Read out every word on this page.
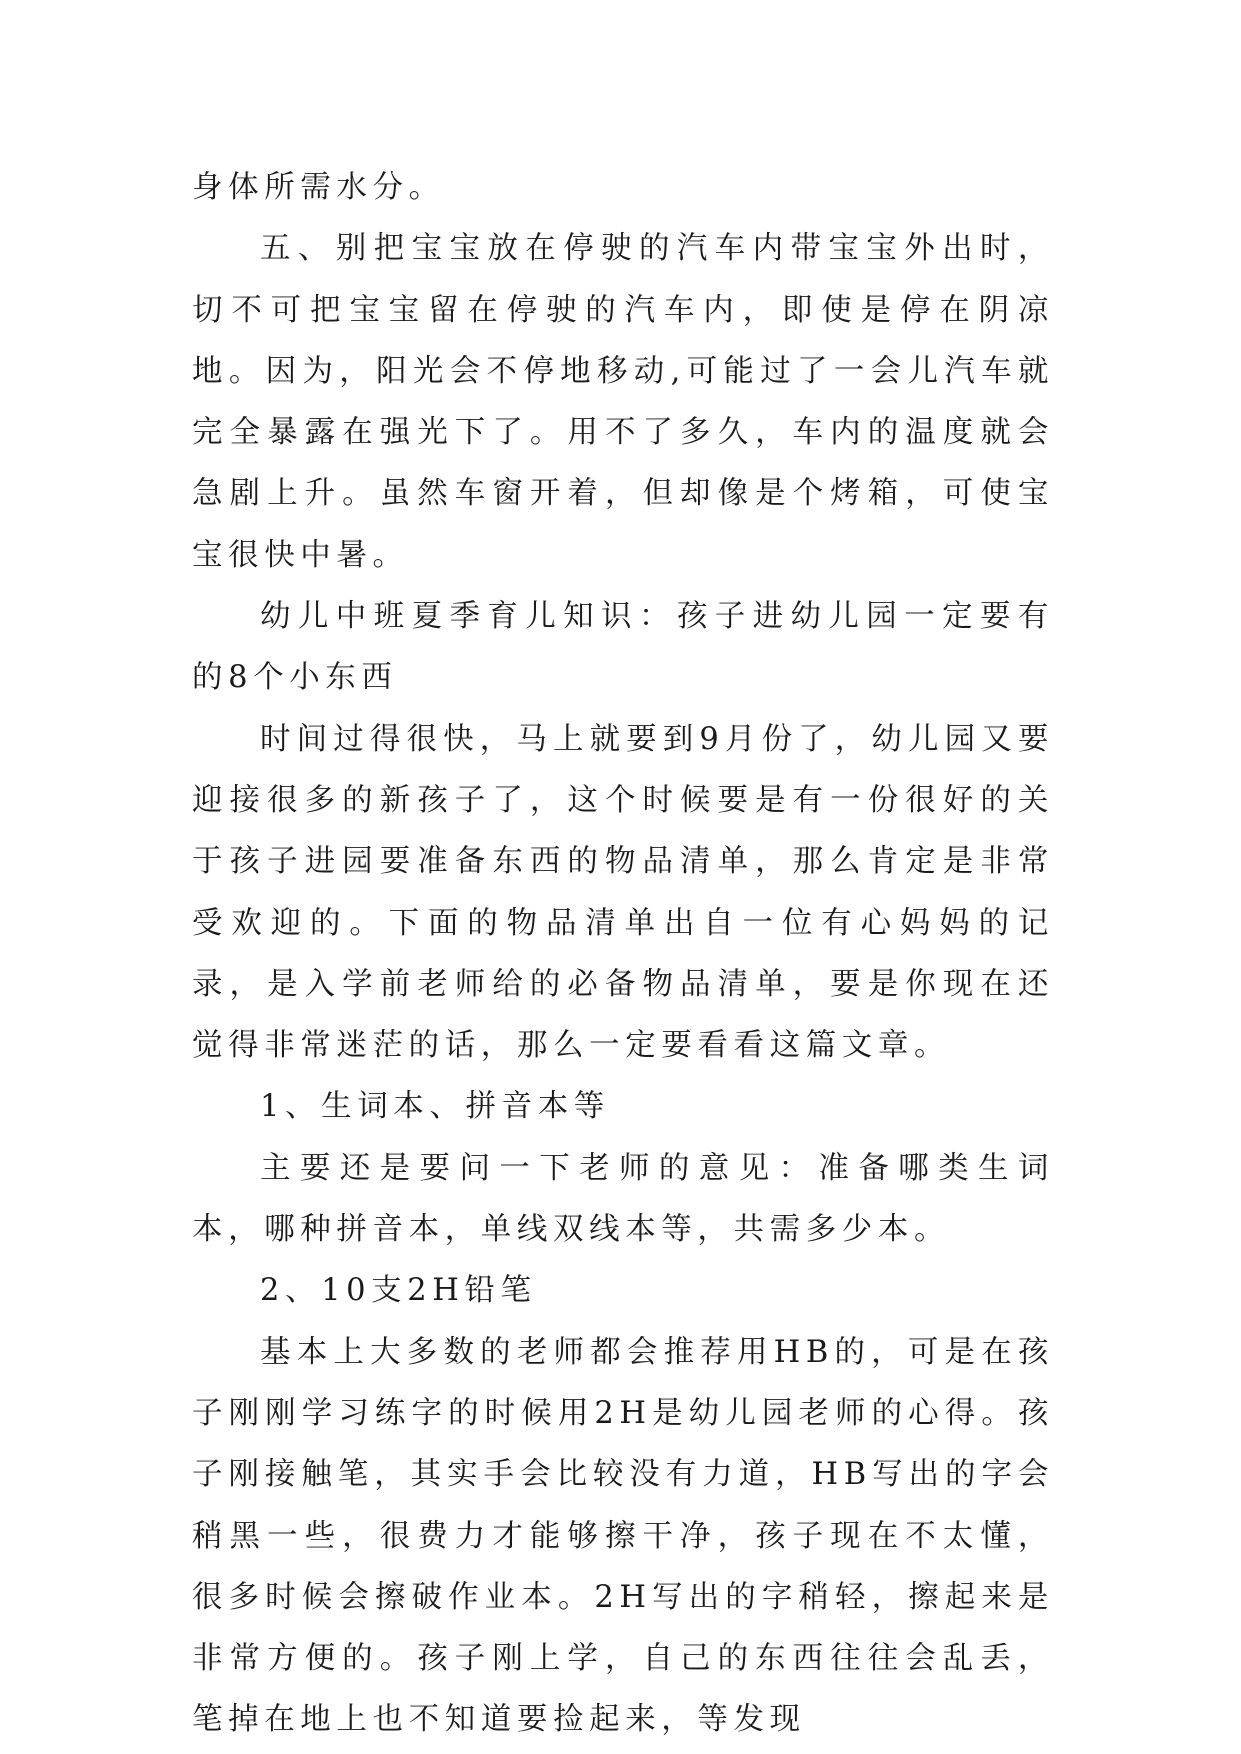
身体所需水分。

五、别把宝宝放在停驶的汽车内带宝宝外出时，切不可把宝宝留在停驶的汽车内，即使是停在阴凉地。因为，阳光会不停地移动,可能过了一会儿汽车就完全暴露在强光下了。用不了多久，车内的温度就会急剧上升。虽然车窗开着，但却像是个烤箱，可使宝宝很快中暑。

幼儿中班夏季育儿知识：孩子进幼儿园一定要有的8个小东西

时间过得很快，马上就要到9月份了，幼儿园又要迎接很多的新孩子了，这个时候要是有一份很好的关于孩子进园要准备东西的物品清单，那么肯定是非常受欢迎的。下面的物品清单出自一位有心妈妈的记录，是入学前老师给的必备物品清单，要是你现在还觉得非常迷茫的话，那么一定要看看这篇文章。

1、生词本、拼音本等

主要还是要问一下老师的意见：准备哪类生词本，哪种拼音本，单线双线本等，共需多少本。

2、10支2H铅笔

基本上大多数的老师都会推荐用HB的，可是在孩子刚刚学习练字的时候用2H是幼儿园老师的心得。孩子刚接触笔，其实手会比较没有力道，HB写出的字会稍黑一些，很费力才能够擦干净，孩子现在不太懂，很多时候会擦破作业本。2H写出的字稍轻，擦起来是非常方便的。孩子刚上学，自己的东西往往会乱丢，笔掉在地上也不知道要捡起来，等发现
